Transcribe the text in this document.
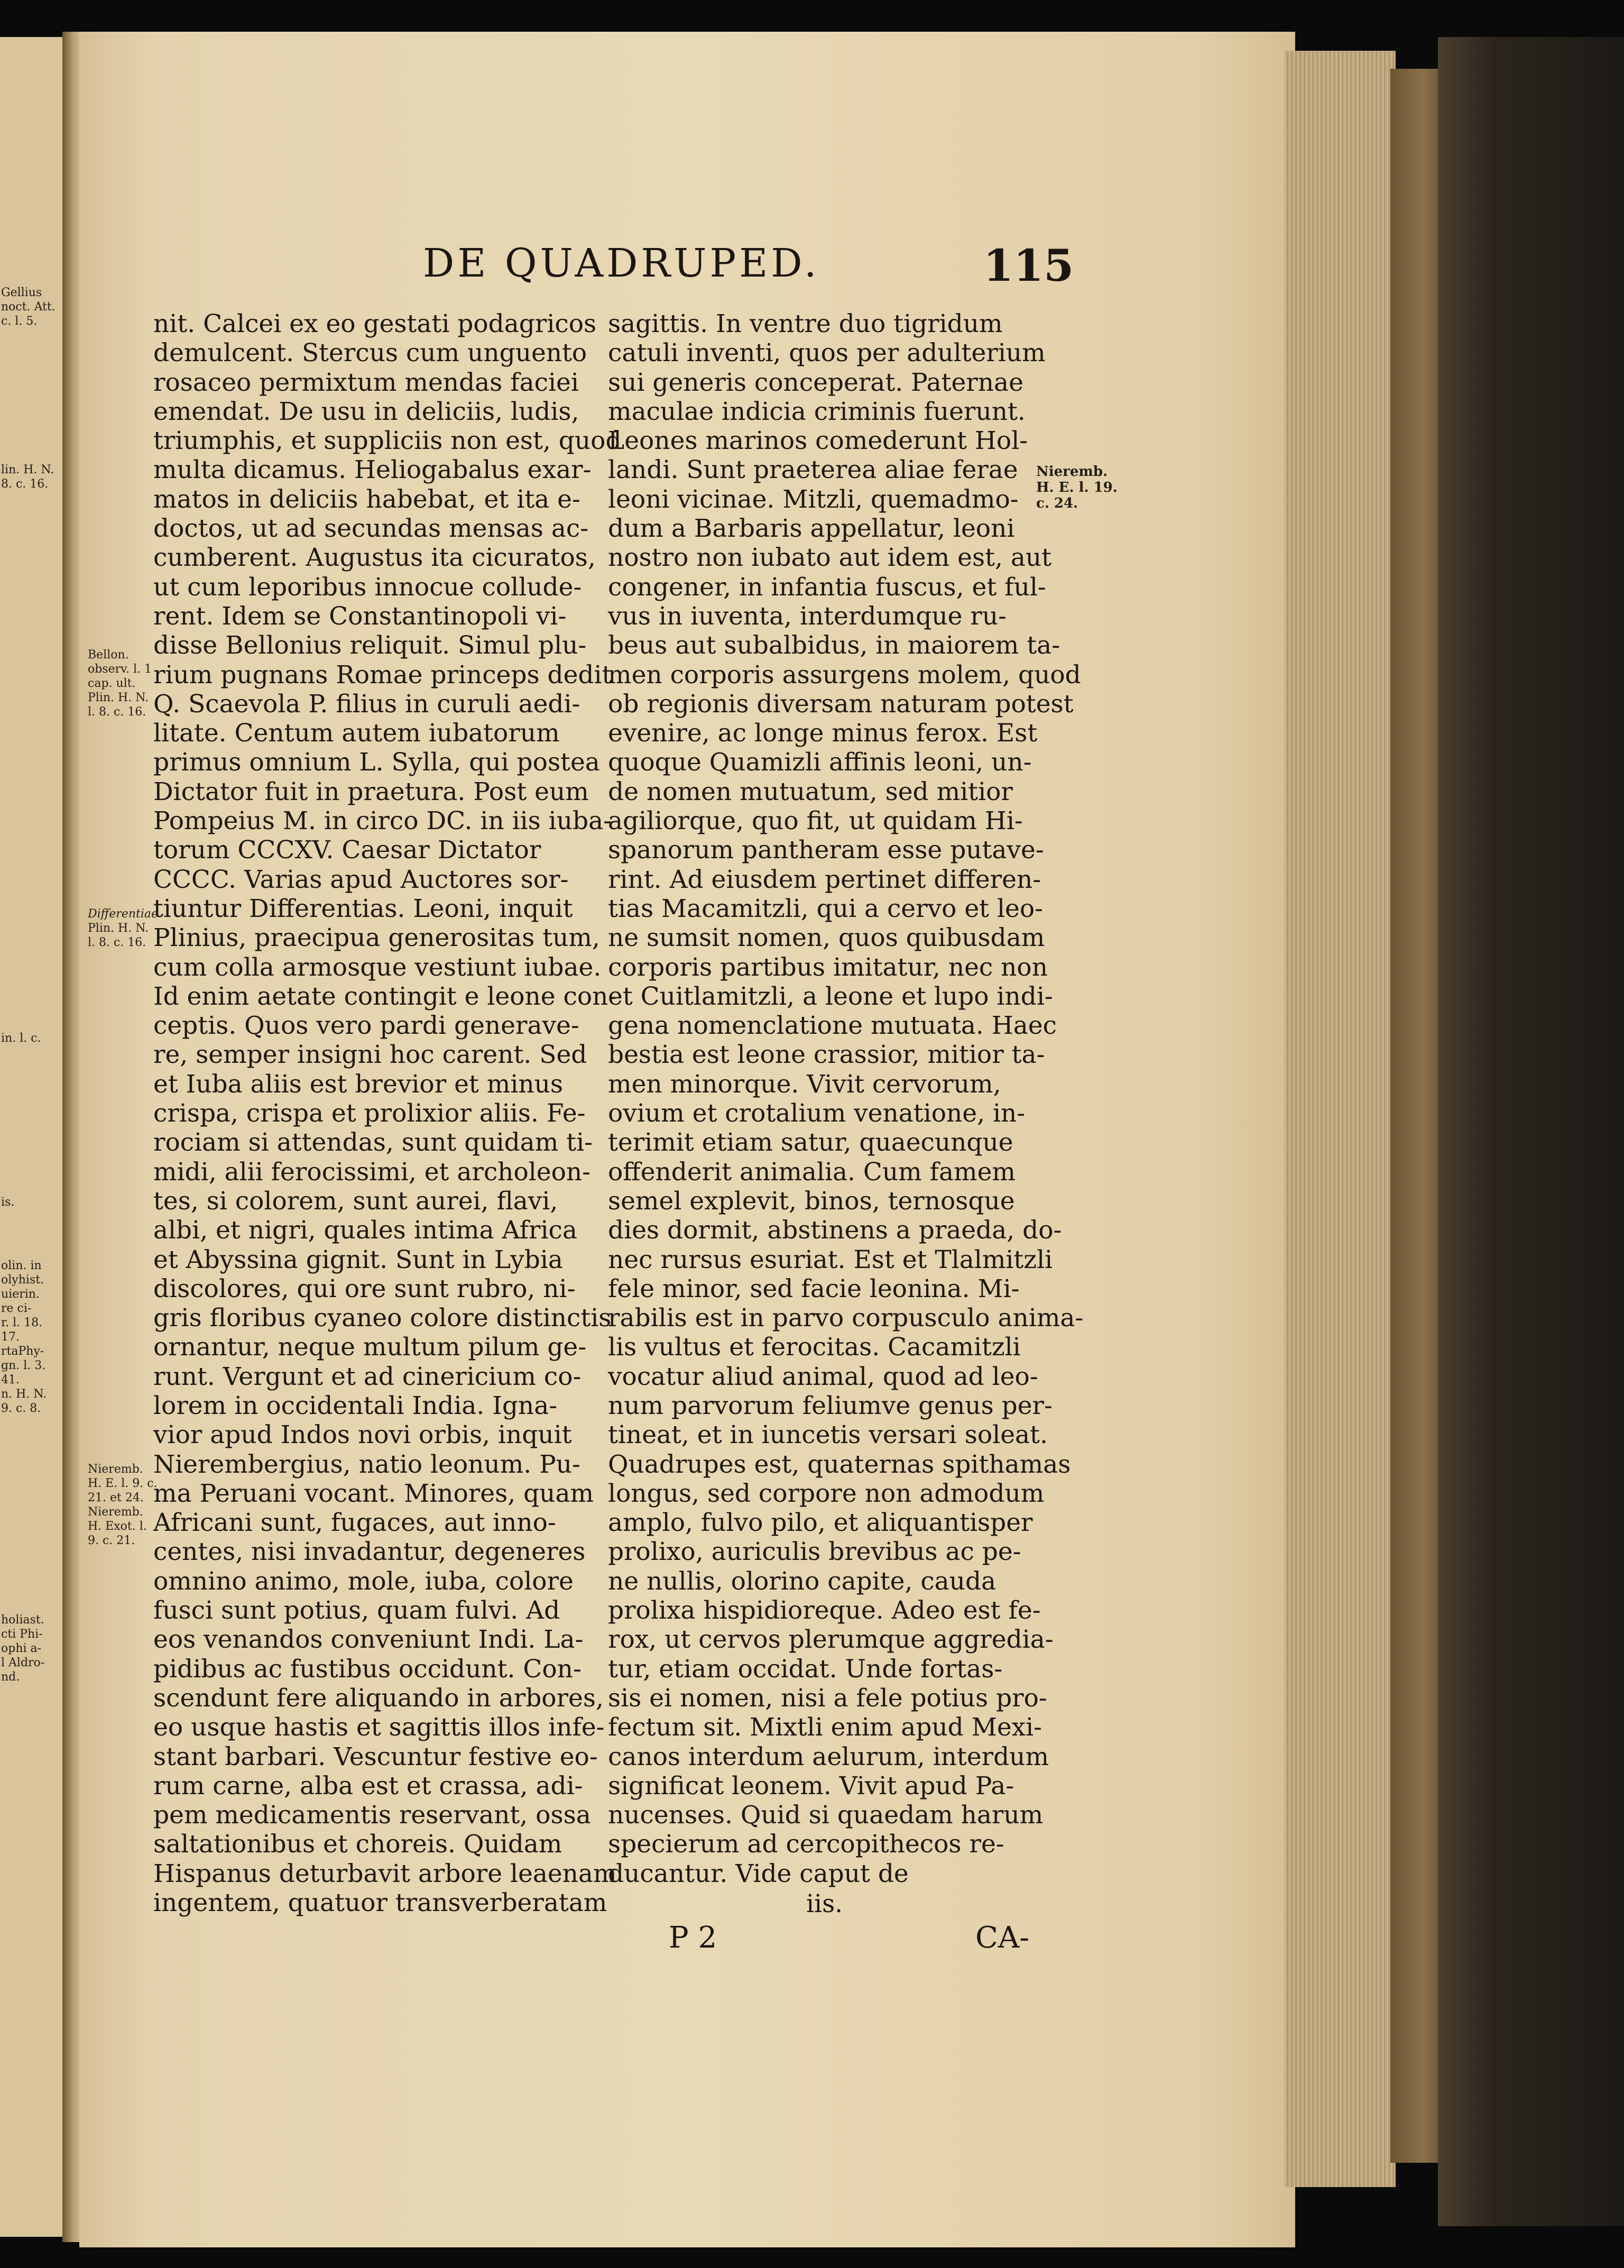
Gellius
noct. Att.
c. l. 5.
lin. H. N.
8. c. 16.
in. l. c.
is.
olin. in
olyhist.
uierin.
re ci-
r. l. 18.
17.
rtaPhy-
gn. l. 3.
41.
n. H. N.
9. c. 8.
holiast.
cti Phi-
ophi a-
l Aldro-
nd.
DE QUADRUPED.	115
nit. Calcei ex eo gestati podagricos
demulcent. Stercus cum unguento
rosaceo permixtum mendas faciei
emendat. De usu in deliciis, ludis,
triumphis, et suppliciis non est, quod
multa dicamus. Heliogabalus exar-
matos in deliciis habebat, et ita e-
doctos, ut ad secundas mensas ac-
cumberent. Augustus ita cicuratos,
ut cum leporibus innocue collude-
rent. Idem se Constantinopoli vi-
disse Bellonius reliquit. Simul plu-
rium pugnans Romae princeps dedit
Q. Scaevola P. filius in curuli aedi-
litate. Centum autem iubatorum
primus omnium L. Sylla, qui postea
Dictator fuit in praetura. Post eum
Pompeius M. in circo DC. in iis iuba-
torum CCCXV. Caesar Dictator
CCCC. Varias apud Auctores sor-
tiuntur Differentias. Leoni, inquit
Plinius, praecipua generositas tum,
cum colla armosque vestiunt iubae.
Id enim aetate contingit e leone con-
ceptis. Quos vero pardi generave-
re, semper insigni hoc carent. Sed
et Iuba aliis est brevior et minus
crispa, crispa et prolixior aliis. Fe-
rociam si attendas, sunt quidam ti-
midi, alii ferocissimi, et archoleon-
tes, si colorem, sunt aurei, flavi,
albi, et nigri, quales intima Africa
et Abyssina gignit. Sunt in Lybia
discolores, qui ore sunt rubro, ni-
gris floribus cyaneo colore distinctis
ornantur, neque multum pilum ge-
runt. Vergunt et ad cinericium co-
lorem in occidentali India. Igna-
vior apud Indos novi orbis, inquit
Nierembergius, natio leonum. Pu-
ma Peruani vocant. Minores, quam
Africani sunt, fugaces, aut inno-
centes, nisi invadantur, degeneres
omnino animo, mole, iuba, colore
fusci sunt potius, quam fulvi. Ad
eos venandos conveniunt Indi. La-
pidibus ac fustibus occidunt. Con-
scendunt fere aliquando in arbores,
eo usque hastis et sagittis illos infe-
stant barbari. Vescuntur festive eo-
rum carne, alba est et crassa, adi-
pem medicamentis reservant, ossa
saltationibus et choreis. Quidam
Hispanus deturbavit arbore leaenam
ingentem, quatuor transverberatam
sagittis. In ventre duo tigridum
catuli inventi, quos per adulterium
sui generis conceperat. Paternae
maculae indicia criminis fuerunt.
Leones marinos comederunt Hol-
landi. Sunt praeterea aliae ferae
leoni vicinae. Mitzli, quemadmo-
dum a Barbaris appellatur, leoni
nostro non iubato aut idem est, aut
congener, in infantia fuscus, et ful-
vus in iuventa, interdumque ru-
beus aut subalbidus, in maiorem ta-
men corporis assurgens molem, quod
ob regionis diversam naturam potest
evenire, ac longe minus ferox. Est
quoque Quamizli affinis leoni, un-
de nomen mutuatum, sed mitior
agiliorque, quo fit, ut quidam Hi-
spanorum pantheram esse putave-
rint. Ad eiusdem pertinet differen-
tias Macamitzli, qui a cervo et leo-
ne sumsit nomen, quos quibusdam
corporis partibus imitatur, nec non
et Cuitlamitzli, a leone et lupo indi-
gena nomenclatione mutuata. Haec
bestia est leone crassior, mitior ta-
men minorque. Vivit cervorum,
ovium et crotalium venatione, in-
terimit etiam satur, quaecunque
offenderit animalia. Cum famem
semel explevit, binos, ternosque
dies dormit, abstinens a praeda, do-
nec rursus esuriat. Est et Tlalmitzli
fele minor, sed facie leonina. Mi-
rabilis est in parvo corpusculo anima-
lis vultus et ferocitas. Cacamitzli
vocatur aliud animal, quod ad leo-
num parvorum feliumve genus per-
tineat, et in iuncetis versari soleat.
Quadrupes est, quaternas spithamas
longus, sed corpore non admodum
amplo, fulvo pilo, et aliquantisper
prolixo, auriculis brevibus ac pe-
ne nullis, olorino capite, cauda
prolixa hispidioreque. Adeo est fe-
rox, ut cervos plerumque aggredia-
tur, etiam occidat. Unde fortas-
sis ei nomen, nisi a fele potius pro-
fectum sit. Mixtli enim apud Mexi-
canos interdum aelurum, interdum
significat leonem. Vivit apud Pa-
nucenses. Quid si quaedam harum
specierum ad cercopithecos re-
ducantur. Vide caput de
iis.
Bellon.
observ. l. 1
cap. ult.
Plin. H. N.
l. 8. c. 16.
Differentiae
Plin. H. N.
l. 8. c. 16.
Nieremb.
H. E. l. 9. c.
21. et 24.
Nieremb.
H. Exot. l.
9. c. 21.
Nieremb.
H. E. l. 19.
c. 24.
P 2	CA-
